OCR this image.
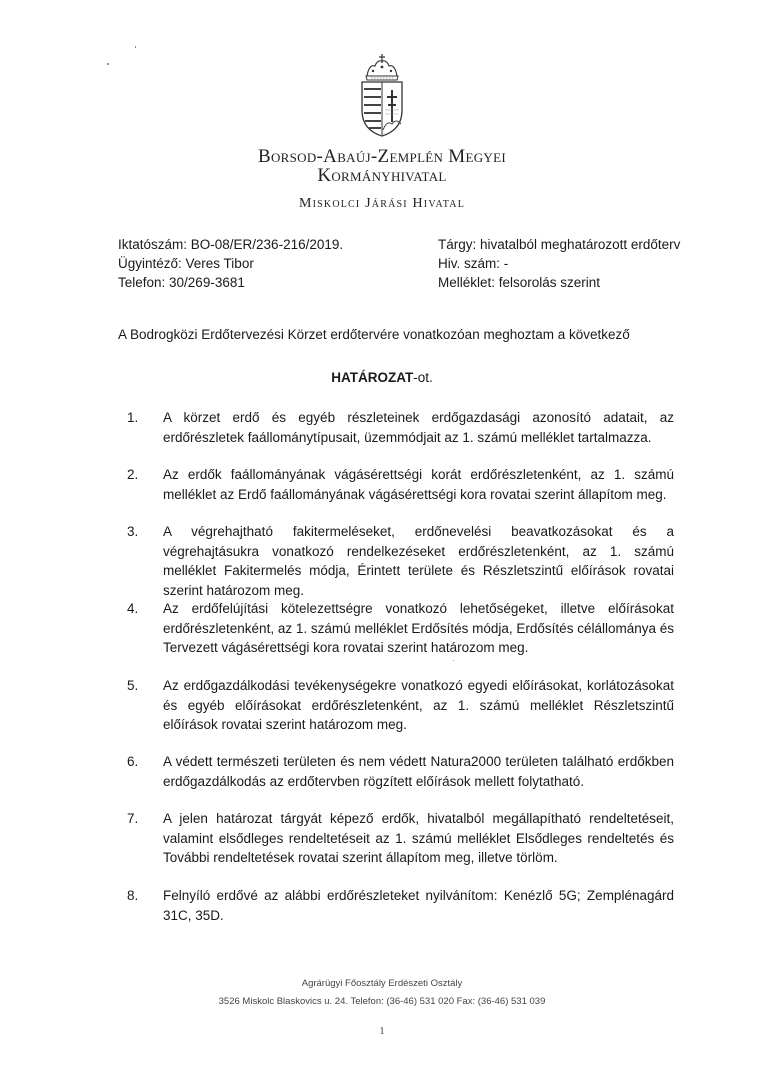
Borsod-Abaúj-Zemplén Megyei
Kormányhivatal
Miskolci Járási Hivatal
Iktatószám: BO-08/ER/236-216/2019.
Ügyintéző: Veres Tibor
Telefon: 30/269-3681
Tárgy: hivatalból meghatározott erdőterv
Hiv. szám: -
Melléklet: felsorolás szerint
A Bodrogközi Erdőtervezési Körzet erdőtervére vonatkozóan meghoztam a következő
HATÁROZAT-ot.
1. A körzet erdő és egyéb részleteinek erdőgazdasági azonosító adatait, az erdőrészletek faállománytípusait, üzemmódjait az 1. számú melléklet tartalmazza.
2. Az erdők faállományának vágásérettségi korát erdőrészletenként, az 1. számú melléklet az Erdő faállományának vágásérettségi kora rovatai szerint állapítom meg.
3. A végrehajtható fakitermeléseket, erdőnevelési beavatkozásokat és a végrehajtásukra vonatkozó rendelkezéseket erdőrészletenként, az 1. számú melléklet Fakitermelés módja, Érintett területe és Részletszintű előírások rovatai szerint határozom meg.
4. Az erdőfelújítási kötelezettségre vonatkozó lehetőségeket, illetve előírásokat erdőrészletenként, az 1. számú melléklet Erdősítés módja, Erdősítés célállománya és Tervezett vágásérettségi kora rovatai szerint határozom meg.
5. Az erdőgazdálkodási tevékenységekre vonatkozó egyedi előírásokat, korlátozásokat és egyéb előírásokat erdőrészletenként, az 1. számú melléklet Részletszintű előírások rovatai szerint határozom meg.
6. A védett természeti területen és nem védett Natura2000 területen található erdőkben erdőgazdálkodás az erdőtervben rögzített előírások mellett folytatható.
7. A jelen határozat tárgyát képező erdők, hivatalból megállapítható rendeltetéseit, valamint elsődleges rendeltetéseit az 1. számú melléklet Elsődleges rendeltetés és További rendeltetések rovatai szerint állapítom meg, illetve törlöm.
8. Felnyíló erdővé az alábbi erdőrészleteket nyilvánítom: Kenézlő 5G; Zemplénagárd 31C, 35D.
Agrárügyi Főosztály Erdészeti Osztály
3526 Miskolc Blaskovics u. 24. Telefon: (36-46) 531 020 Fax: (36-46) 531 039
1
